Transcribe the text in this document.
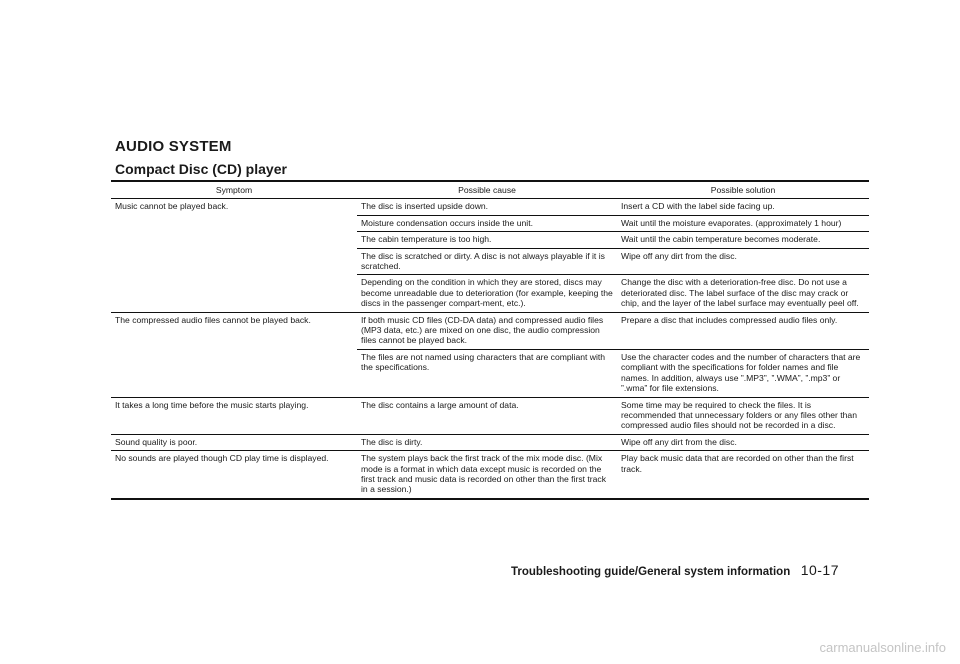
AUDIO SYSTEM
Compact Disc (CD) player
Symptom	Possible cause	Possible solution
Music cannot be played back.	The disc is inserted upside down.	Insert a CD with the label side facing up.
	Moisture condensation occurs inside the unit.	Wait until the moisture evaporates. (approximately 1 hour)
	The cabin temperature is too high.	Wait until the cabin temperature becomes moderate.
	The disc is scratched or dirty. A disc is not always playable if it is scratched.	Wipe off any dirt from the disc.
	Depending on the condition in which they are stored, discs may become unreadable due to deterioration (for example, keeping the discs in the passenger compart-ment, etc.).	Change the disc with a deterioration-free disc. Do not use a deteriorated disc. The label surface of the disc may crack or chip, and the layer of the label surface may eventually peel off.
The compressed audio files cannot be played back.	If both music CD files (CD-DA data) and compressed audio files (MP3 data, etc.) are mixed on one disc, the audio compression files cannot be played back.	Prepare a disc that includes compressed audio files only.
	The files are not named using characters that are compliant with the specifications.	Use the character codes and the number of characters that are compliant with the specifications for folder names and file names. In addition, always use ”.MP3”, ”.WMA”, ”.mp3” or ”.wma” for file extensions.
It takes a long time before the music starts playing.	The disc contains a large amount of data.	Some time may be required to check the files. It is recommended that unnecessary folders or any files other than compressed audio files should not be recorded in a disc.
Sound quality is poor.	The disc is dirty.	Wipe off any dirt from the disc.
No sounds are played though CD play time is displayed.	The system plays back the first track of the mix mode disc. (Mix mode is a format in which data except music is recorded on the first track and music data is recorded on other than the first track in a session.)	Play back music data that are recorded on other than the first track.
Troubleshooting guide/General system information 10-17
carmanualsonline.info
